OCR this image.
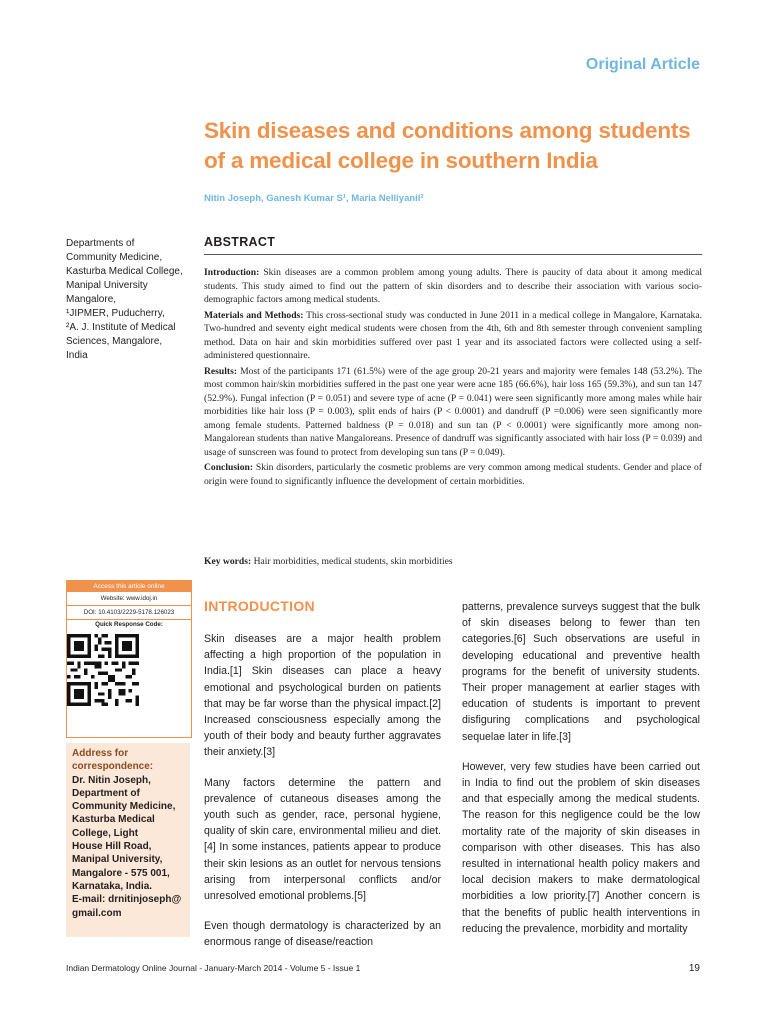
Original Article
Skin diseases and conditions among students of a medical college in southern India
Nitin Joseph, Ganesh Kumar S¹, Maria Nelliyanil²
Departments of
Community Medicine,
Kasturba Medical College,
Manipal University
Mangalore,
¹JIPMER, Puducherry,
²A. J. Institute of Medical
Sciences, Mangalore,
India
ABSTRACT

Introduction: Skin diseases are a common problem among young adults. There is paucity of data about it among medical students. This study aimed to find out the pattern of skin disorders and to describe their association with various socio-demographic factors among medical students.

Materials and Methods: This cross-sectional study was conducted in June 2011 in a medical college in Mangalore, Karnataka. Two-hundred and seventy eight medical students were chosen from the 4th, 6th and 8th semester through convenient sampling method. Data on hair and skin morbidities suffered over past 1 year and its associated factors were collected using a self-administered questionnaire.

Results: Most of the participants 171 (61.5%) were of the age group 20-21 years and majority were females 148 (53.2%). The most common hair/skin morbidities suffered in the past one year were acne 185 (66.6%), hair loss 165 (59.3%), and sun tan 147 (52.9%). Fungal infection (P = 0.051) and severe type of acne (P = 0.041) were seen significantly more among males while hair morbidities like hair loss (P = 0.003), split ends of hairs (P < 0.0001) and dandruff (P =0.006) were seen significantly more among female students. Patterned baldness (P = 0.018) and sun tan (P < 0.0001) were significantly more among non-Mangalorean students than native Mangaloreans. Presence of dandruff was significantly associated with hair loss (P = 0.039) and usage of sunscreen was found to protect from developing sun tans (P = 0.049).

Conclusion: Skin disorders, particularly the cosmetic problems are very common among medical students. Gender and place of origin were found to significantly influence the development of certain morbidities.

Key words: Hair morbidities, medical students, skin morbidities
Access this article online
Website: www.idoj.in
DOI: 10.4103/2229-5178.126023
Quick Response Code:
Address for correspondence:
Dr. Nitin Joseph,
Department of
Community Medicine,
Kasturba Medical
College, Light
House Hill Road,
Manipal University,
Mangalore - 575 001,
Karnataka, India.
E-mail: drnitinjoseph@
gmail.com
INTRODUCTION

Skin diseases are a major health problem affecting a high proportion of the population in India.[1] Skin diseases can place a heavy emotional and psychological burden on patients that may be far worse than the physical impact.[2] Increased consciousness especially among the youth of their body and beauty further aggravates their anxiety.[3]

Many factors determine the pattern and prevalence of cutaneous diseases among the youth such as gender, race, personal hygiene, quality of skin care, environmental milieu and diet.[4] In some instances, patients appear to produce their skin lesions as an outlet for nervous tensions arising from interpersonal conflicts and/or unresolved emotional problems.[5]

Even though dermatology is characterized by an enormous range of disease/reaction

patterns, prevalence surveys suggest that the bulk of skin diseases belong to fewer than ten categories.[6] Such observations are useful in developing educational and preventive health programs for the benefit of university students. Their proper management at earlier stages with education of students is important to prevent disfiguring complications and psychological sequelae later in life.[3]

However, very few studies have been carried out in India to find out the problem of skin diseases and that especially among the medical students. The reason for this negligence could be the low mortality rate of the majority of skin diseases in comparison with other diseases. This has also resulted in international health policy makers and local decision makers to make dermatological morbidities a low priority.[7] Another concern is that the benefits of public health interventions in reducing the prevalence, morbidity and mortality

Indian Dermatology Online Journal - January-March 2014 - Volume 5 - Issue 1	19
